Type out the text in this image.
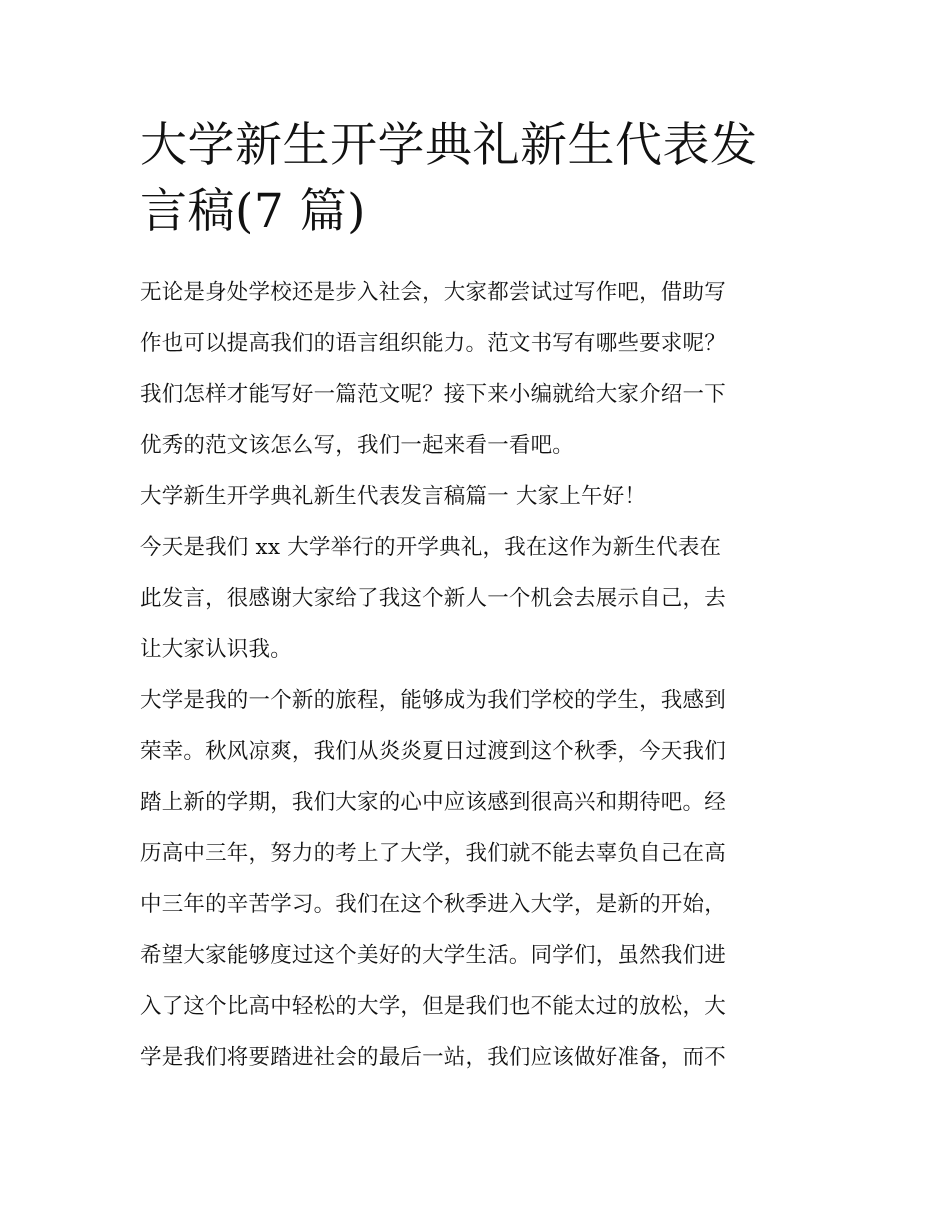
大学新生开学典礼新生代表发
言稿(7 篇)

无论是身处学校还是步入社会，大家都尝试过写作吧，借助写
作也可以提高我们的语言组织能力。范文书写有哪些要求呢？
我们怎样才能写好一篇范文呢？接下来小编就给大家介绍一下
优秀的范文该怎么写，我们一起来看一看吧。

大学新生开学典礼新生代表发言稿篇一 大家上午好！

今天是我们 xx 大学举行的开学典礼，我在这作为新生代表在
此发言，很感谢大家给了我这个新人一个机会去展示自己，去
让大家认识我。

大学是我的一个新的旅程，能够成为我们学校的学生，我感到
荣幸。秋风凉爽，我们从炎炎夏日过渡到这个秋季，今天我们
踏上新的学期，我们大家的心中应该感到很高兴和期待吧。经
历高中三年，努力的考上了大学，我们就不能去辜负自己在高
中三年的辛苦学习。我们在这个秋季进入大学，是新的开始，
希望大家能够度过这个美好的大学生活。同学们，虽然我们进
入了这个比高中轻松的大学，但是我们也不能太过的放松，大
学是我们将要踏进社会的最后一站，我们应该做好准备，而不
